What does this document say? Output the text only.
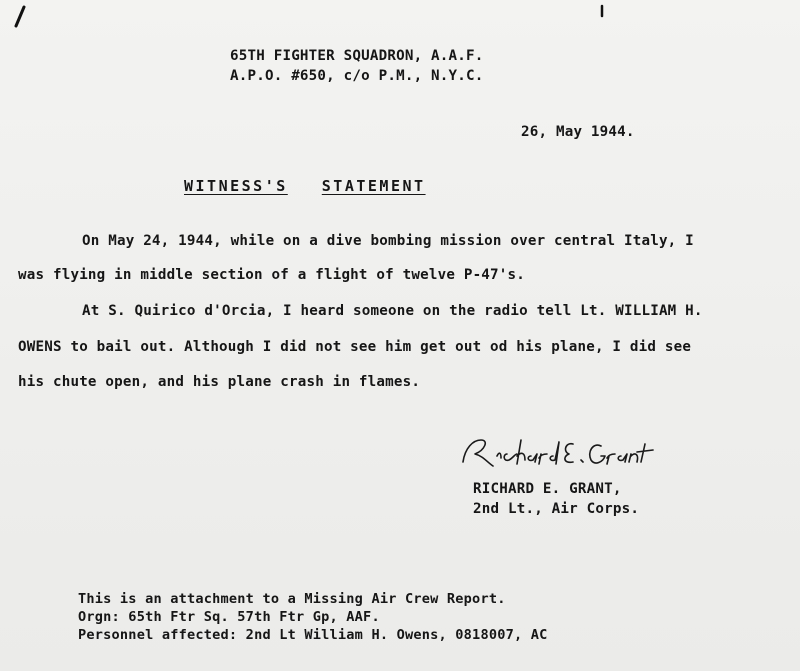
65TH FIGHTER SQUADRON, A.A.F.
A.P.O. #650, c/o P.M., N.Y.C.
26, May 1944.
WITNESS'S STATEMENT
On May 24, 1944, while on a dive bombing mission over central Italy, I
was flying in middle section of a flight of twelve P-47's.
At S. Quirico d'Orcia, I heard someone on the radio tell Lt. WILLIAM H.
OWENS to bail out. Although I did not see him get out od his plane, I did see
his chute open, and his plane crash in flames.
RICHARD E. GRANT,
2nd Lt., Air Corps.
This is an attachment to a Missing Air Crew Report.
Orgn: 65th Ftr Sq. 57th Ftr Gp, AAF.
Personnel affected: 2nd Lt William H. Owens, 0818007, AC
